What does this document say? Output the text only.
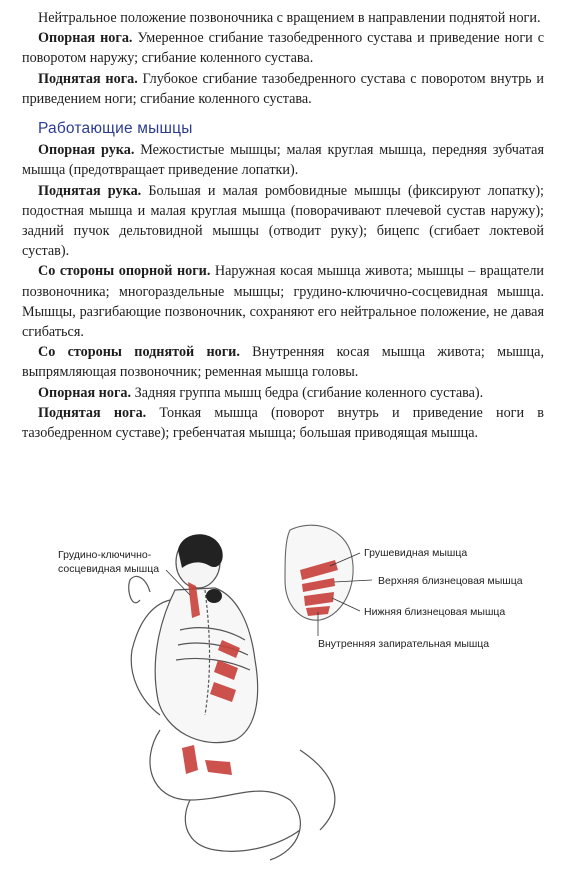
Нейтральное положение позвоночника с вращением в направлении поднятой ноги.

Опорная нога. Умеренное сгибание тазобедренного сустава и приведение ноги с поворотом наружу; сгибание коленного сустава.

Поднятая нога. Глубокое сгибание тазобедренного сустава с поворотом внутрь и приведением ноги; сгибание коленного сустава.

Работающие мышцы

Опорная рука. Межостистые мышцы; малая круглая мышца, передняя зубчатая мышца (предотвращает приведение лопатки).

Поднятая рука. Большая и малая ромбовидные мышцы (фиксируют лопатку); подостная мышца и малая круглая мышца (поворачивают плечевой сустав наружу); задний пучок дельтовидной мышцы (отводит руку); бицепс (сгибает локтевой сустав).

Со стороны опорной ноги. Наружная косая мышца живота; мышцы – вращатели позвоночника; многораздельные мышцы; грудино-ключично-сосцевидная мышца. Мышцы, разгибающие позвоночник, сохраняют его нейтральное положение, не давая сгибаться.

Со стороны поднятой ноги. Внутренняя косая мышца живота; мышца, выпрямляющая позвоночник; ременная мышца головы.

Опорная нога. Задняя группа мышц бедра (сгибание коленного сустава).

Поднятая нога. Тонкая мышца (поворот внутрь и приведение ноги в тазобедренном суставе); гребенчатая мышца; большая приводящая мышца.

Грудино-ключично-
сосцевидная мышца
Грушевидная мышца
Верхняя близнецовая мышца
Нижняя близнецовая мышца
Внутренняя запирательная мышца
